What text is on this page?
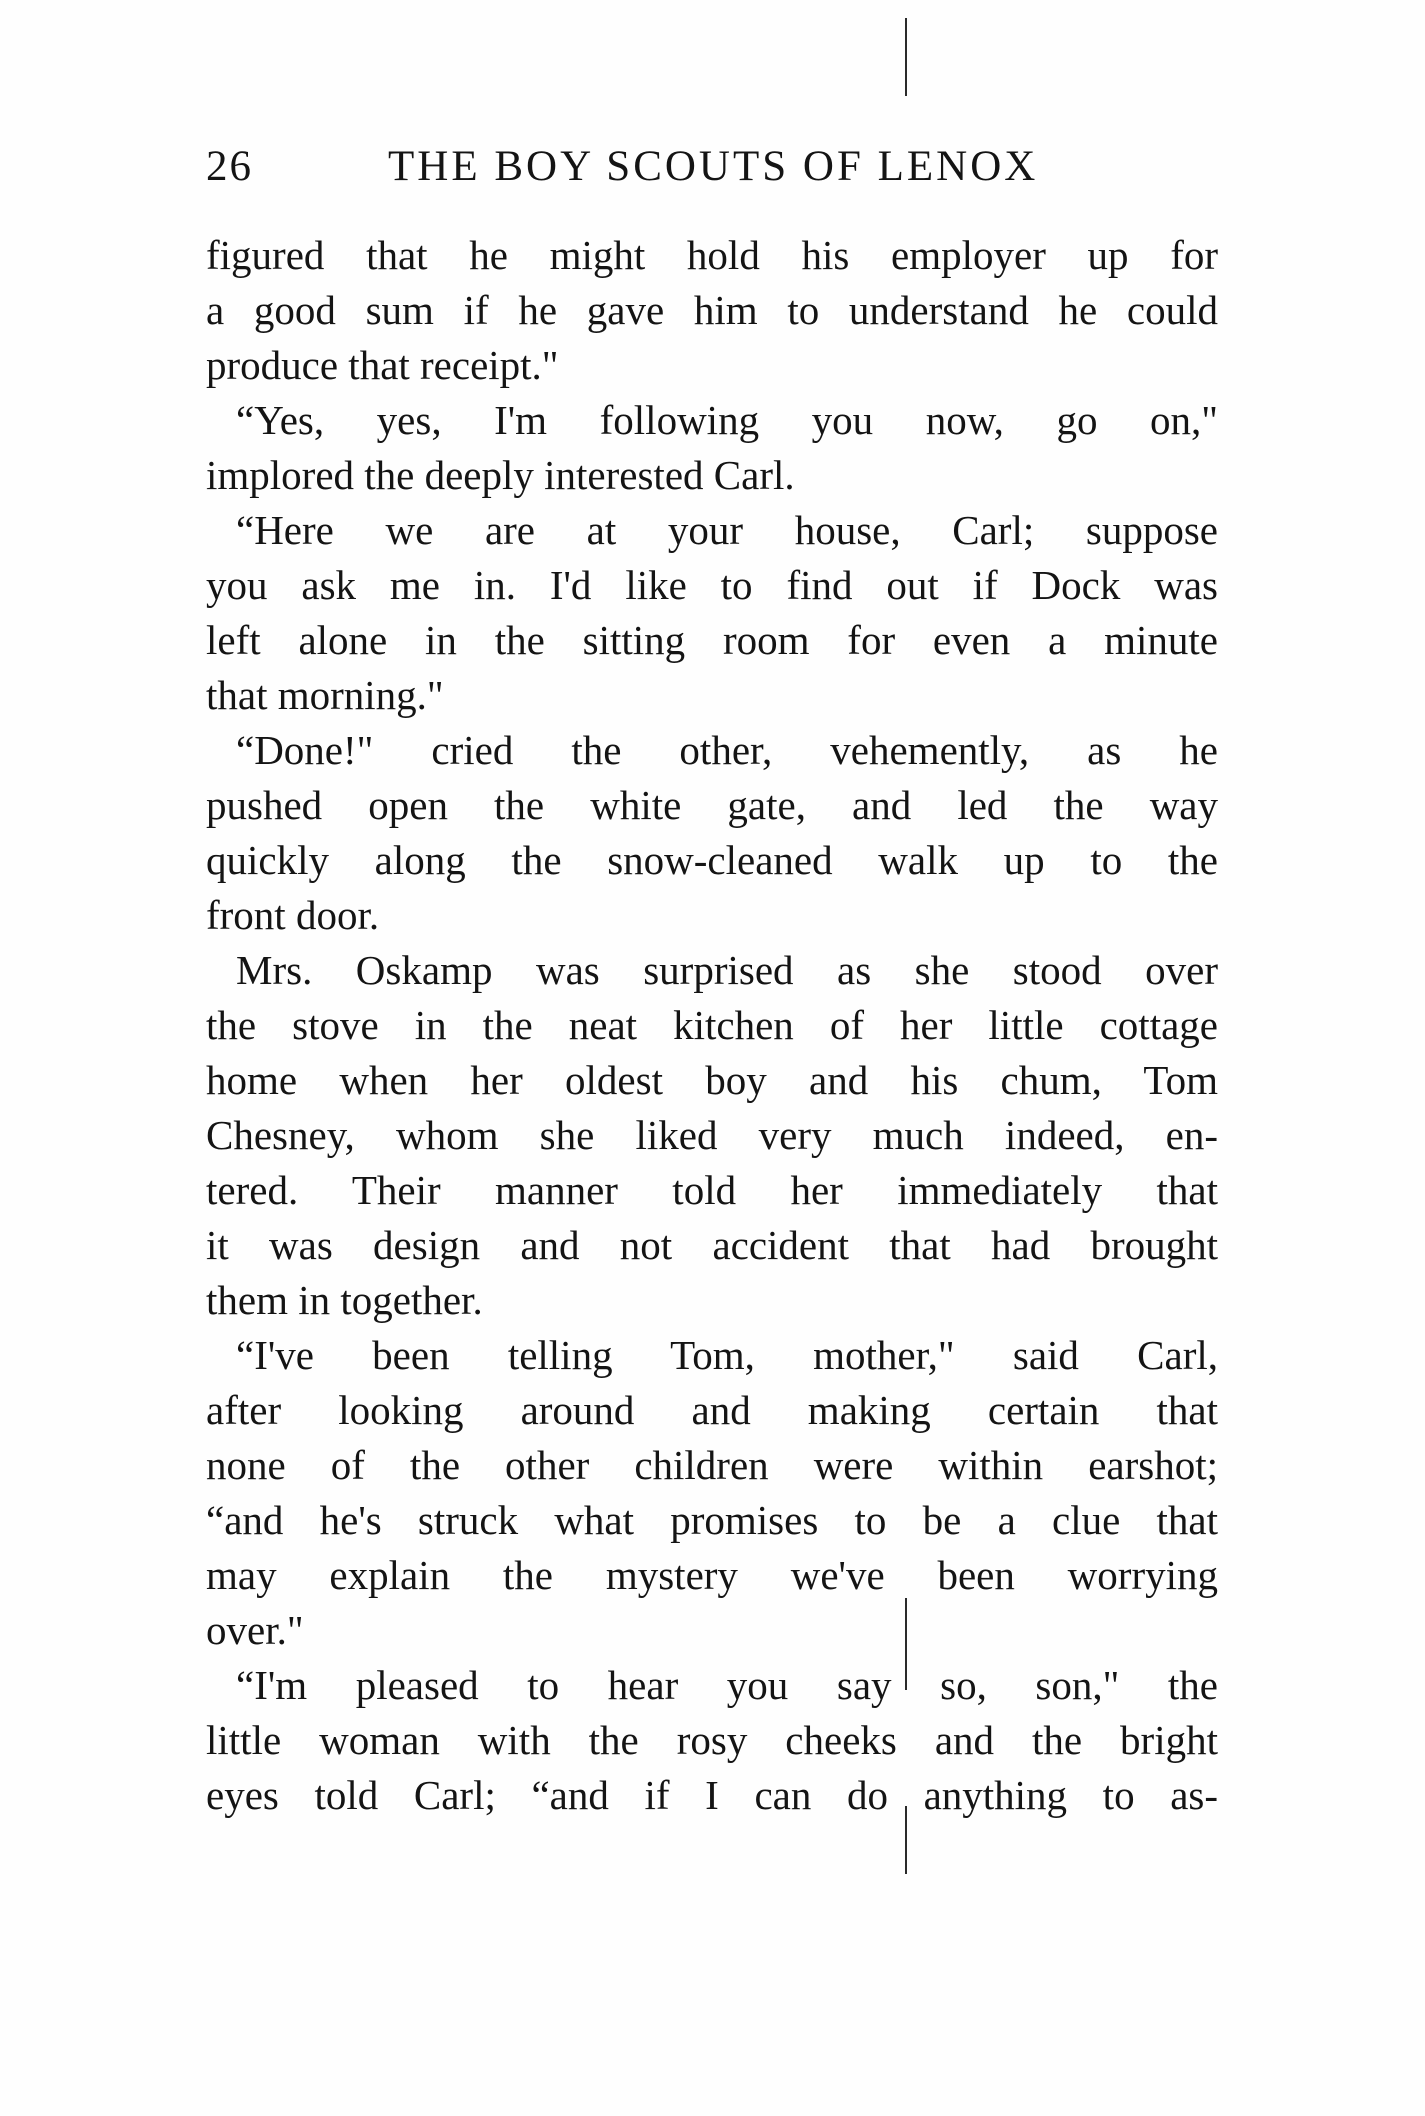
26	THE BOY SCOUTS OF LENOX
figured that he might hold his employer up for
a good sum if he gave him to understand he could
produce that receipt."
“Yes, yes, I'm following you now, go on,"
implored the deeply interested Carl.
“Here we are at your house, Carl; suppose
you ask me in. I'd like to find out if Dock was
left alone in the sitting room for even a minute
that morning."
“Done!" cried the other, vehemently, as he
pushed open the white gate, and led the way
quickly along the snow-cleaned walk up to the
front door.
Mrs. Oskamp was surprised as she stood over
the stove in the neat kitchen of her little cottage
home when her oldest boy and his chum, Tom
Chesney, whom she liked very much indeed, en-
tered. Their manner told her immediately that
it was design and not accident that had brought
them in together.
“I've been telling Tom, mother," said Carl,
after looking around and making certain that
none of the other children were within earshot;
“and he's struck what promises to be a clue that
may explain the mystery we've been worrying
over."
“I'm pleased to hear you say so, son," the
little woman with the rosy cheeks and the bright
eyes told Carl; “and if I can do anything to as-
